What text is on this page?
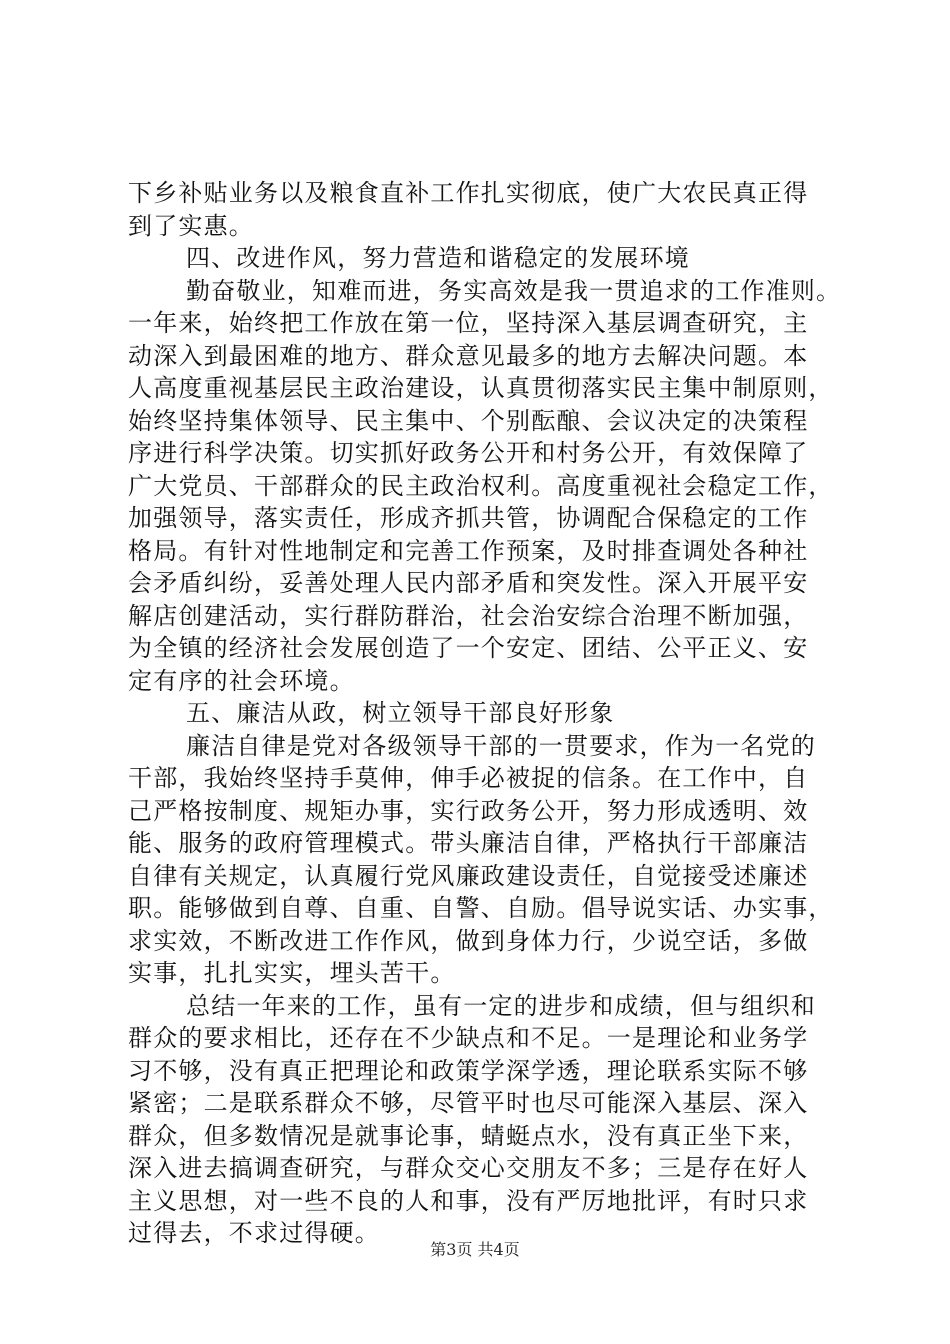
下乡补贴业务以及粮食直补工作扎实彻底，使广大农民真正得
到了实惠。
四、改进作风，努力营造和谐稳定的发展环境
勤奋敬业，知难而进，务实高效是我一贯追求的工作准则。
一年来，始终把工作放在第一位，坚持深入基层调查研究，主
动深入到最困难的地方、群众意见最多的地方去解决问题。本
人高度重视基层民主政治建设，认真贯彻落实民主集中制原则，
始终坚持集体领导、民主集中、个别酝酿、会议决定的决策程
序进行科学决策。切实抓好政务公开和村务公开，有效保障了
广大党员、干部群众的民主政治权利。高度重视社会稳定工作，
加强领导，落实责任，形成齐抓共管，协调配合保稳定的工作
格局。有针对性地制定和完善工作预案，及时排查调处各种社
会矛盾纠纷，妥善处理人民内部矛盾和突发性。深入开展平安
解店创建活动，实行群防群治，社会治安综合治理不断加强，
为全镇的经济社会发展创造了一个安定、团结、公平正义、安
定有序的社会环境。
五、廉洁从政，树立领导干部良好形象
廉洁自律是党对各级领导干部的一贯要求，作为一名党的
干部，我始终坚持手莫伸，伸手必被捉的信条。在工作中，自
己严格按制度、规矩办事，实行政务公开，努力形成透明、效
能、服务的政府管理模式。带头廉洁自律，严格执行干部廉洁
自律有关规定，认真履行党风廉政建设责任，自觉接受述廉述
职。能够做到自尊、自重、自警、自励。倡导说实话、办实事，
求实效，不断改进工作作风，做到身体力行，少说空话，多做
实事，扎扎实实，埋头苦干。
总结一年来的工作，虽有一定的进步和成绩，但与组织和
群众的要求相比，还存在不少缺点和不足。一是理论和业务学
习不够，没有真正把理论和政策学深学透，理论联系实际不够
紧密；二是联系群众不够，尽管平时也尽可能深入基层、深入
群众，但多数情况是就事论事，蜻蜓点水，没有真正坐下来，
深入进去搞调查研究，与群众交心交朋友不多；三是存在好人
主义思想，对一些不良的人和事，没有严厉地批评，有时只求
过得去，不求过得硬。
第3页 共4页
